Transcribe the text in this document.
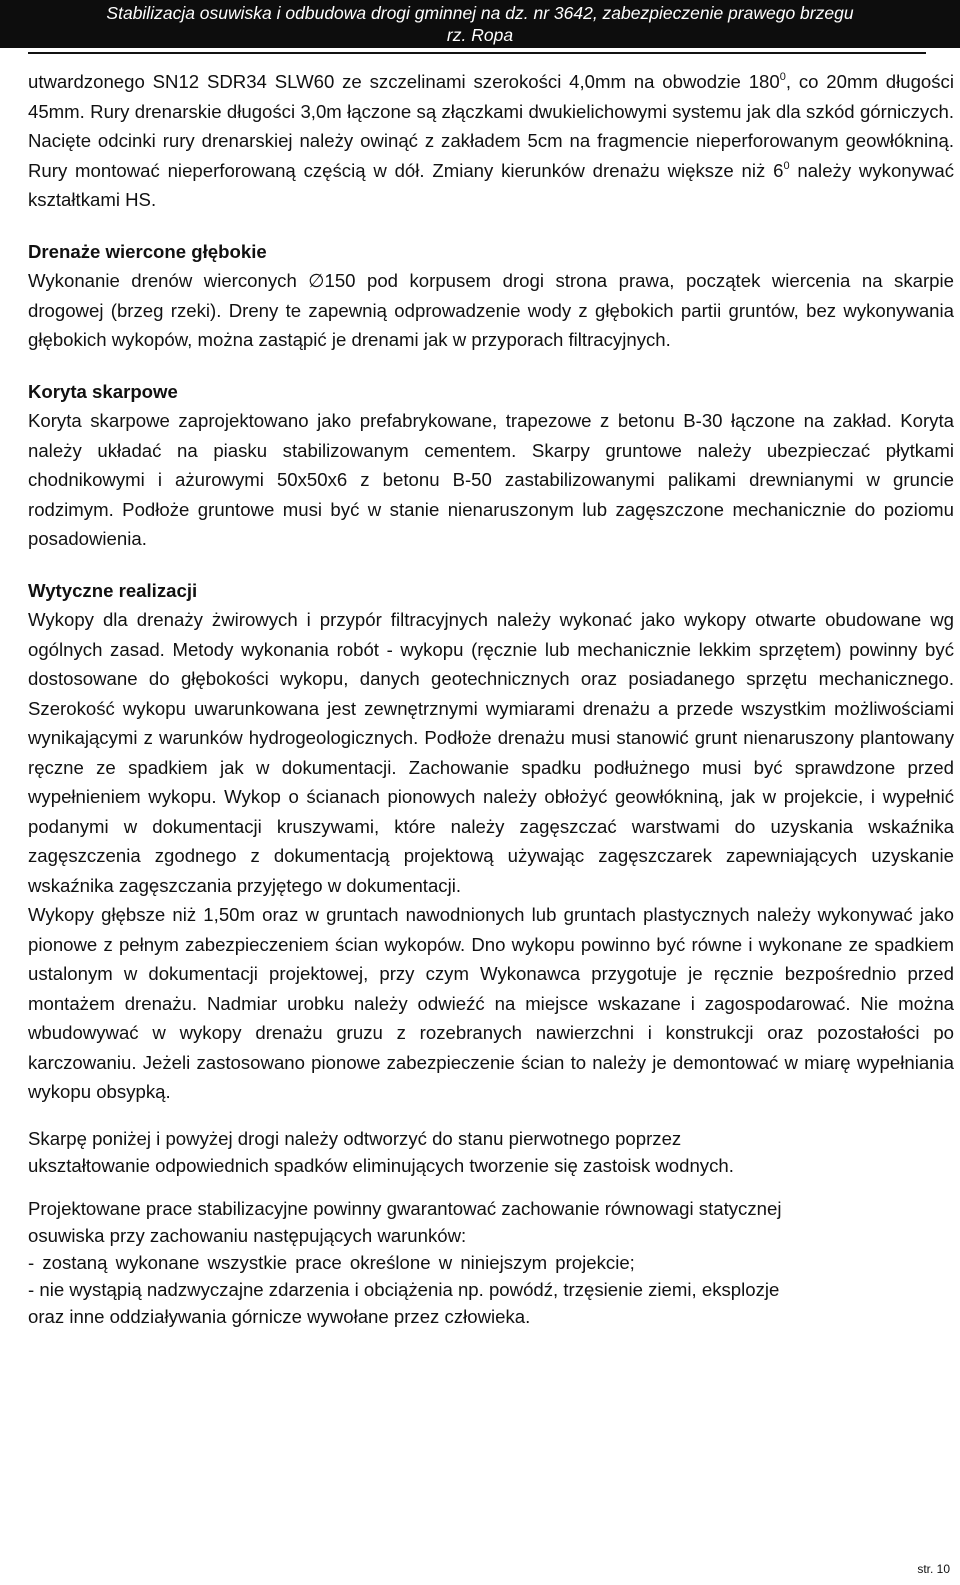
Stabilizacja osuwiska i odbudowa drogi gminnej na dz. nr 3642, zabezpieczenie prawego brzegu
rz. Ropa

utwardzonego SN12 SDR34 SLW60 ze szczelinami szerokości 4,0mm na obwodzie $180^0$, co 20mm długości 45mm. Rury drenarskie długości 3,0m łączone są złączkami dwukielichowymi systemu jak dla szkód górniczych. Nacięte odcinki rury drenarskiej należy owinąć z zakładem 5cm na fragmencie nieperforowanym geowłókniną. Rury montować nieperforowaną częścią w dół. Zmiany kierunków drenażu większe niż $6^0$ należy wykonywać kształtkami HS.

Drenaże wiercone głębokie

Wykonanie drenów wierconych ∅150 pod korpusem drogi strona prawa, początek wiercenia na skarpie drogowej (brzeg rzeki). Dreny te zapewnią odprowadzenie wody z głębokich partii gruntów, bez wykonywania głębokich wykopów, można zastąpić je drenami jak w przyporach filtracyjnych.

Koryta skarpowe

Koryta skarpowe zaprojektowano jako prefabrykowane, trapezowe z betonu B-30 łączone na zakład. Koryta należy układać na piasku stabilizowanym cementem. Skarpy gruntowe należy ubezpieczać płytkami chodnikowymi i ażurowymi 50x50x6 z betonu B-50 zastabilizowanymi palikami drewnianymi w gruncie rodzimym. Podłoże gruntowe musi być w stanie nienaruszonym lub zagęszczone mechanicznie do poziomu posadowienia.

Wytyczne realizacji

Wykopy dla drenaży żwirowych i przypór filtracyjnych należy wykonać jako wykopy otwarte obudowane wg ogólnych zasad. Metody wykonania robót - wykopu (ręcznie lub mechanicznie lekkim sprzętem) powinny być dostosowane do głębokości wykopu, danych geotechnicznych oraz posiadanego sprzętu mechanicznego. Szerokość wykopu uwarunkowana jest zewnętrznymi wymiarami drenażu a przede wszystkim możliwościami wynikającymi z warunków hydrogeologicznych. Podłoże drenażu musi stanowić grunt nienaruszony plantowany ręczne ze spadkiem jak w dokumentacji. Zachowanie spadku podłużnego musi być sprawdzone przed wypełnieniem wykopu. Wykop o ścianach pionowych należy obłożyć geowłókniną, jak w projekcie, i wypełnić podanymi w dokumentacji kruszywami, które należy zagęszczać warstwami do uzyskania wskaźnika zagęszczenia zgodnego z dokumentacją projektową używając zagęszczarek zapewniających uzyskanie wskaźnika zagęszczania przyjętego w dokumentacji.

Wykopy głębsze niż 1,50m oraz w gruntach nawodnionych lub gruntach plastycznych należy wykonywać jako pionowe z pełnym zabezpieczeniem ścian wykopów. Dno wykopu powinno być równe i wykonane ze spadkiem ustalonym w dokumentacji projektowej, przy czym Wykonawca przygotuje je ręcznie bezpośrednio przed montażem drenażu. Nadmiar urobku należy odwieźć na miejsce wskazane i zagospodarować. Nie można wbudowywać w wykopy drenażu gruzu z rozebranych nawierzchni i konstrukcji oraz pozostałości po karczowaniu. Jeżeli zastosowano pionowe zabezpieczenie ścian to należy je demontować w miarę wypełniania wykopu obsypką.

Skarpę poniżej i powyżej drogi należy odtworzyć do stanu pierwotnego poprzez

ukształtowanie odpowiednich spadków eliminujących tworzenie się zastoisk wodnych.

Projektowane prace stabilizacyjne powinny gwarantować zachowanie równowagi statycznej

osuwiska przy zachowaniu następujących warunków:

- zostaną wykonane wszystkie prace określone w niniejszym projekcie;

- nie wystąpią nadzwyczajne zdarzenia i obciążenia np. powódź, trzęsienie ziemi, eksplozje

oraz inne oddziaływania górnicze wywołane przez człowieka.

str. 10
